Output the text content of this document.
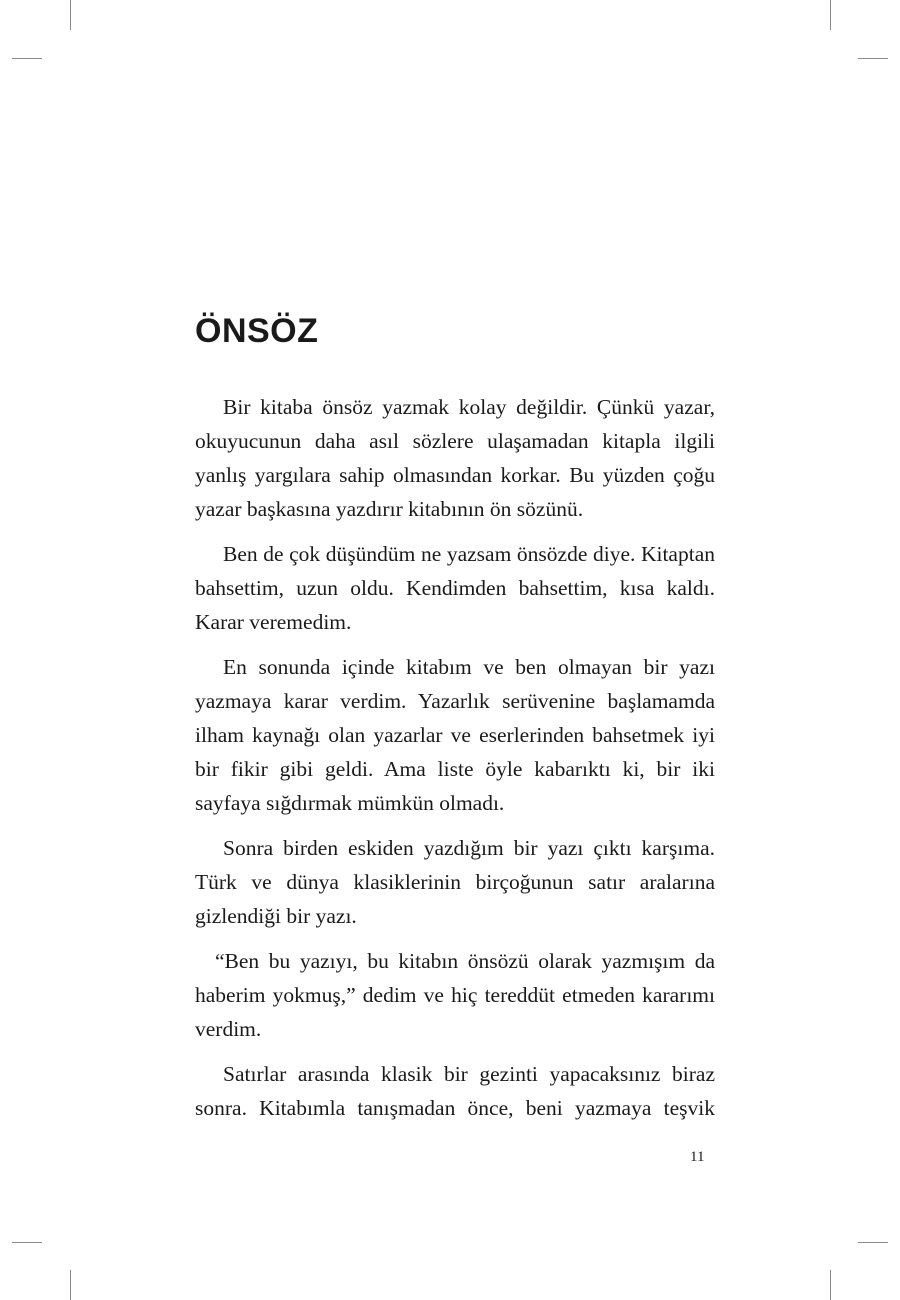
ÖNSÖZ

Bir kitaba önsöz yazmak kolay değildir. Çünkü yazar, okuyucunun daha asıl sözlere ulaşamadan kitapla ilgili yanlış yargılara sahip olmasından korkar. Bu yüzden çoğu yazar başkasına yazdırır kitabının ön sözünü.

Ben de çok düşündüm ne yazsam önsözde diye. Kitaptan bahsettim, uzun oldu. Kendimden bahsettim, kısa kaldı. Karar veremedim.

En sonunda içinde kitabım ve ben olmayan bir yazı yazmaya karar verdim. Yazarlık serüvenine başlamamda ilham kaynağı olan yazarlar ve eserlerinden bahsetmek iyi bir fikir gibi geldi. Ama liste öyle kabarıktı ki, bir iki sayfaya sığdırmak mümkün olmadı.

Sonra birden eskiden yazdığım bir yazı çıktı karşıma. Türk ve dünya klasiklerinin birçoğunun satır aralarına gizlendiği bir yazı.

“Ben bu yazıyı, bu kitabın önsözü olarak yazmışım da haberim yokmuş,” dedim ve hiç tereddüt etmeden kararımı verdim.

Satırlar arasında klasik bir gezinti yapacaksınız biraz sonra. Kitabımla tanışmadan önce, beni yazmaya teşvik

11
